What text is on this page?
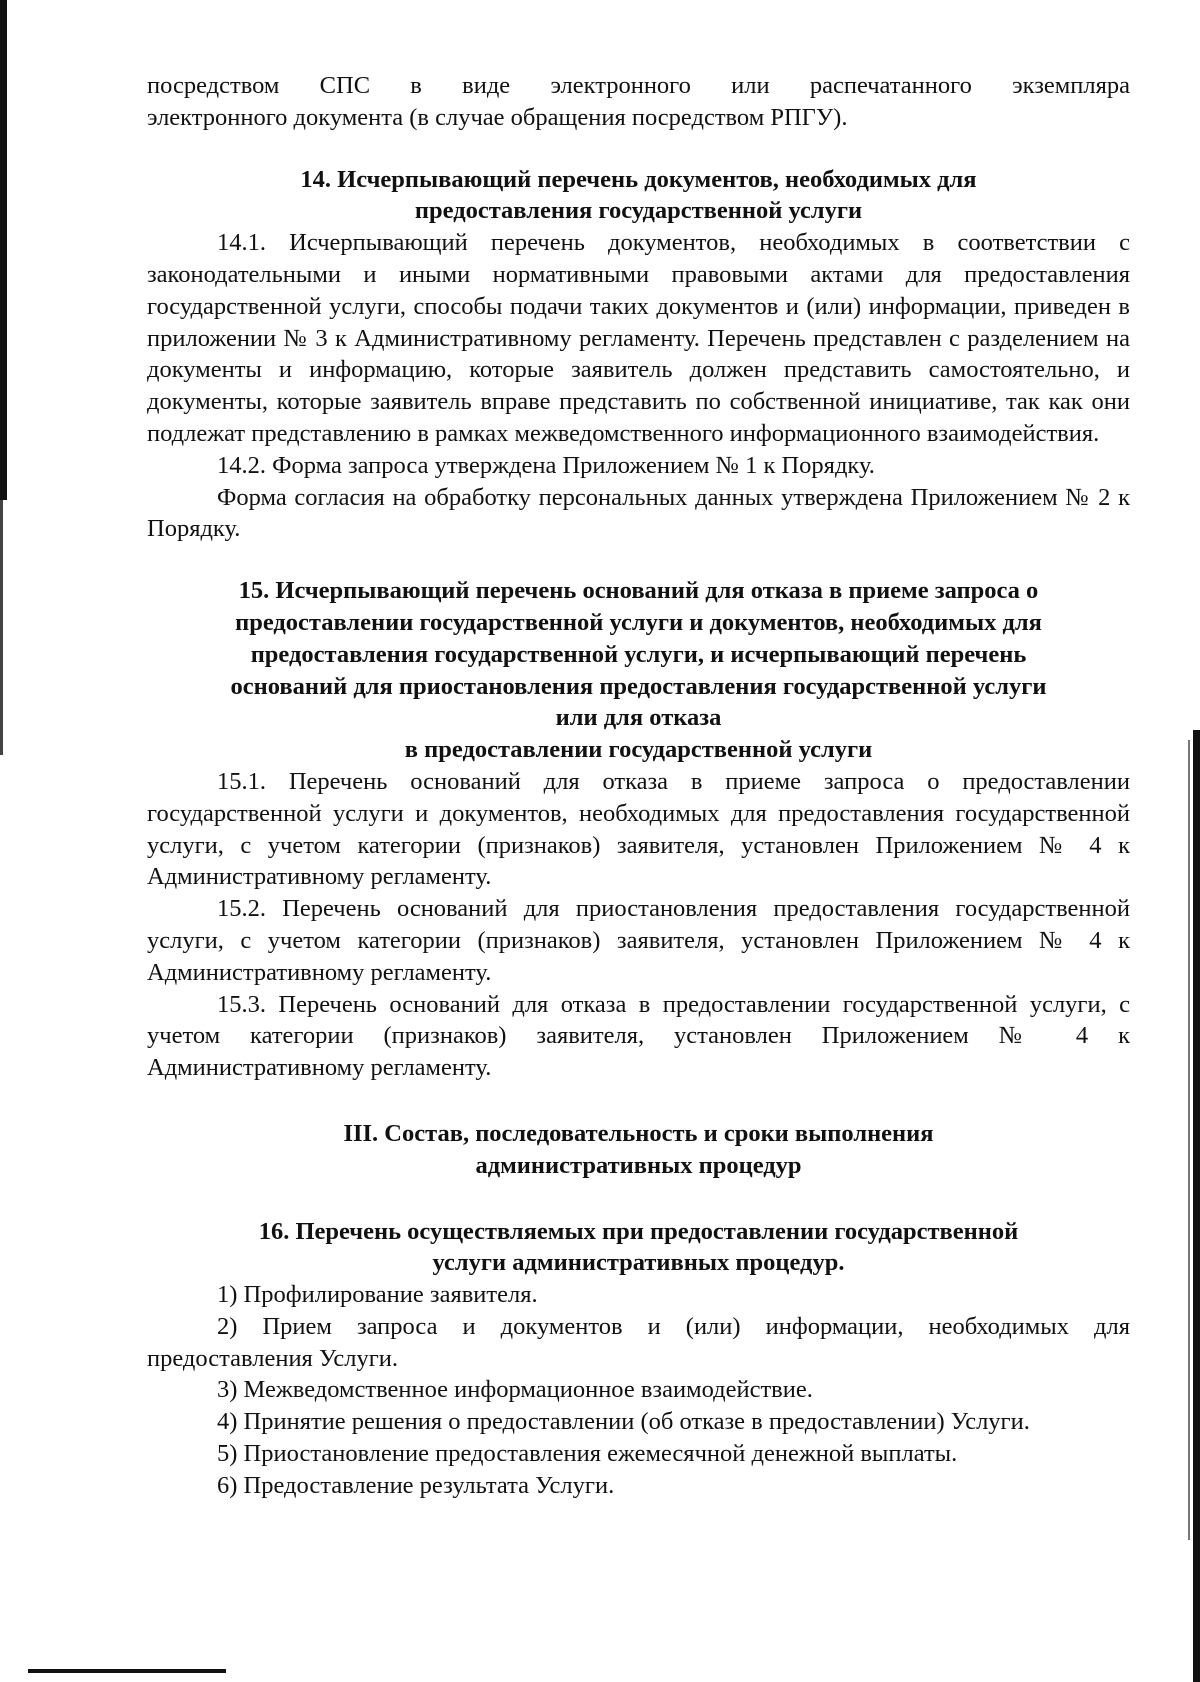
посредством СПС в виде электронного или распечатанного экземпляра

электронного документа (в случае обращения посредством РПГУ).

14. Исчерпывающий перечень документов, необходимых для

предоставления государственной услуги

14.1. Исчерпывающий перечень документов, необходимых в соответствии с законодательными и иными нормативными правовыми актами для предоставления государственной услуги, способы подачи таких документов и (или) информации, приведен в приложении № 3 к Административному регламенту. Перечень представлен с разделением на документы и информацию, которые заявитель должен представить самостоятельно, и документы, которые заявитель вправе представить по собственной инициативе, так как они подлежат представлению в рамках межведомственного информационного взаимодействия.

14.2. Форма запроса утверждена Приложением № 1 к Порядку.

Форма согласия на обработку персональных данных утверждена Приложением № 2 к Порядку.

15. Исчерпывающий перечень оснований для отказа в приеме запроса о

предоставлении государственной услуги и документов, необходимых для

предоставления государственной услуги, и исчерпывающий перечень

оснований для приостановления предоставления государственной услуги

или для отказа

в предоставлении государственной услуги

15.1. Перечень оснований для отказа в приеме запроса о предоставлении государственной услуги и документов, необходимых для предоставления государственной услуги, с учетом категории (признаков) заявителя, установлен Приложением № 4 к Административному регламенту.

15.2. Перечень оснований для приостановления предоставления государственной услуги, с учетом категории (признаков) заявителя, установлен Приложением № 4 к Административному регламенту.

15.3. Перечень оснований для отказа в предоставлении государственной услуги, с учетом категории (признаков) заявителя, установлен Приложением № 4 к Административному регламенту.

III. Состав, последовательность и сроки выполнения

административных процедур

16. Перечень осуществляемых при предоставлении государственной

услуги административных процедур.

1) Профилирование заявителя.

2) Прием запроса и документов и (или) информации, необходимых для предоставления Услуги.

3) Межведомственное информационное взаимодействие.

4) Принятие решения о предоставлении (об отказе в предоставлении) Услуги.

5) Приостановление предоставления ежемесячной денежной выплаты.

6) Предоставление результата Услуги.
